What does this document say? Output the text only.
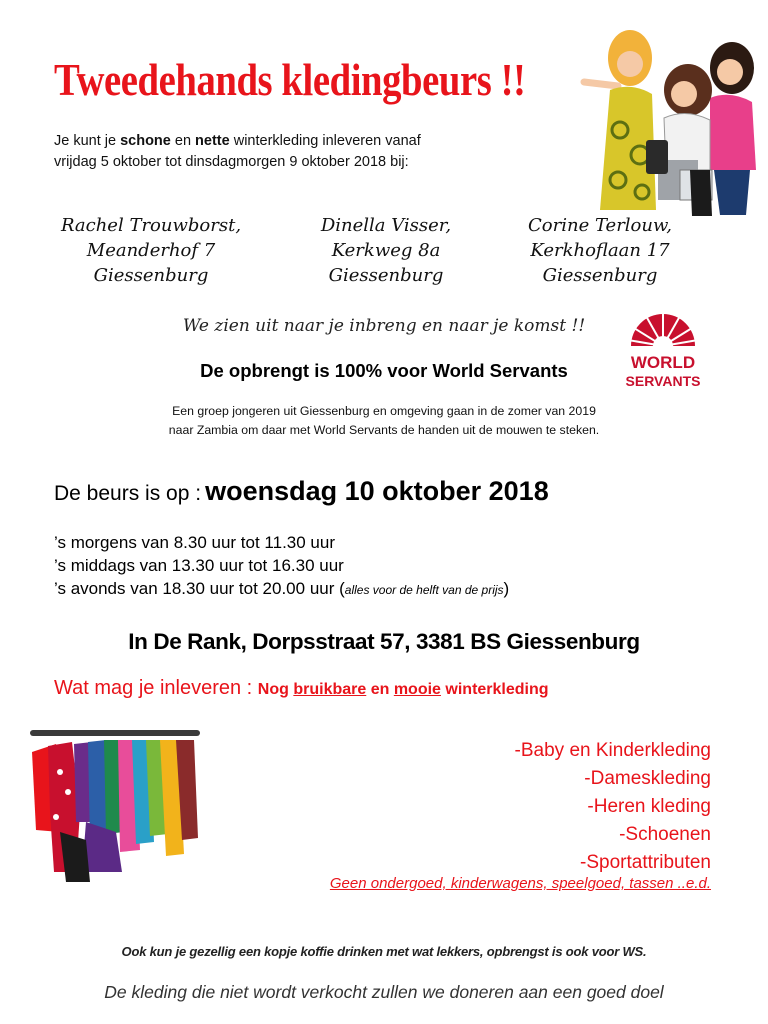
Tweedehands kledingbeurs !!
Je kunt je schone en nette winterkleding inleveren vanaf
vrijdag 5 oktober tot dinsdagmorgen 9 oktober 2018 bij:
Rachel Trouwborst,
Meanderhof 7
Giessenburg
Dinella Visser,
Kerkweg 8a
Giessenburg
Corine Terlouw,
Kerkhoflaan 17
Giessenburg
We zien uit naar je inbreng en naar je komst !!
WORLD
SERVANTS
De opbrengt is 100% voor World Servants
Een groep jongeren uit Giessenburg en omgeving gaan in de zomer van 2019
naar Zambia om daar met World Servants de handen uit de mouwen te steken.
De beurs is op : woensdag 10 oktober 2018
’s morgens van 8.30 uur tot 11.30 uur
’s middags van 13.30 uur tot 16.30 uur
’s avonds van 18.30 uur tot 20.00 uur (alles voor de helft van de prijs)
In De Rank, Dorpsstraat 57, 3381 BS Giessenburg
Wat mag je inleveren : Nog bruikbare en mooie winterkleding
-Baby en Kinderkleding
-Dameskleding
-Heren kleding
-Schoenen
-Sportattributen
Geen ondergoed, kinderwagens, speelgoed, tassen ..e.d.
Ook kun je gezellig een kopje koffie drinken met wat lekkers, opbrengst is ook voor WS.
De kleding die niet wordt verkocht zullen we doneren aan een goed doel
